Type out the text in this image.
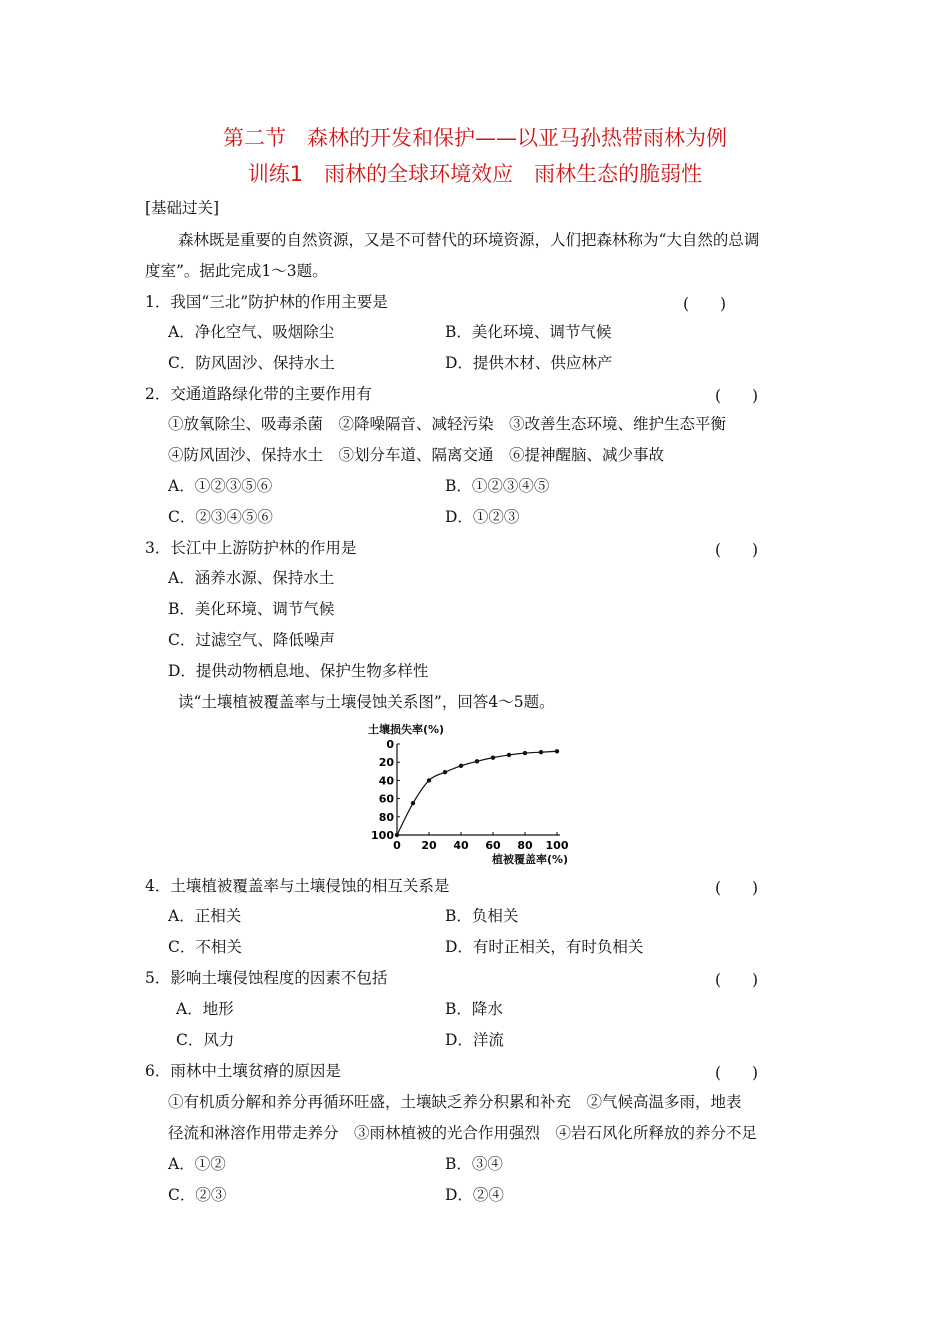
第二节　森林的开发和保护——以亚马孙热带雨林为例
训练1　雨林的全球环境效应　雨林生态的脆弱性
[基础过关]
森林既是重要的自然资源，又是不可替代的环境资源，人们把森林称为“大自然的总调
度室”。据此完成1～3题。
1．我国“三北”防护林的作用主要是	(　　)
A．净化空气、吸烟除尘	B．美化环境、调节气候
C．防风固沙、保持水土	D．提供木材、供应林产
2．交通道路绿化带的主要作用有	(　　)
①放氧除尘、吸毒杀菌　②降噪隔音、减轻污染　③改善生态环境、维护生态平衡
④防风固沙、保持水土　⑤划分车道、隔离交通　⑥提神醒脑、减少事故
A．①②③⑤⑥	B．①②③④⑤
C．②③④⑤⑥	D．①②③
3．长江中上游防护林的作用是	(　　)
A．涵养水源、保持水土
B．美化环境、调节气候
C．过滤空气、降低噪声
D．提供动物栖息地、保护生物多样性
读“土壤植被覆盖率与土壤侵蚀关系图”，回答4～5题。
土壤损失率(%)
植被覆盖率(%)
0
20
40
60
80
100
0 20 40 60 80 100
4．土壤植被覆盖率与土壤侵蚀的相互关系是	(　　)
A．正相关	B．负相关
C．不相关	D．有时正相关，有时负相关
5．影响土壤侵蚀程度的因素不包括	(　　)
A．地形	B．降水
C．风力	D．洋流
6．雨林中土壤贫瘠的原因是	(　　)
①有机质分解和养分再循环旺盛，土壤缺乏养分积累和补充　②气候高温多雨，地表
径流和淋溶作用带走养分　③雨林植被的光合作用强烈　④岩石风化所释放的养分不足
A．①②	B．③④
C．②③	D．②④
